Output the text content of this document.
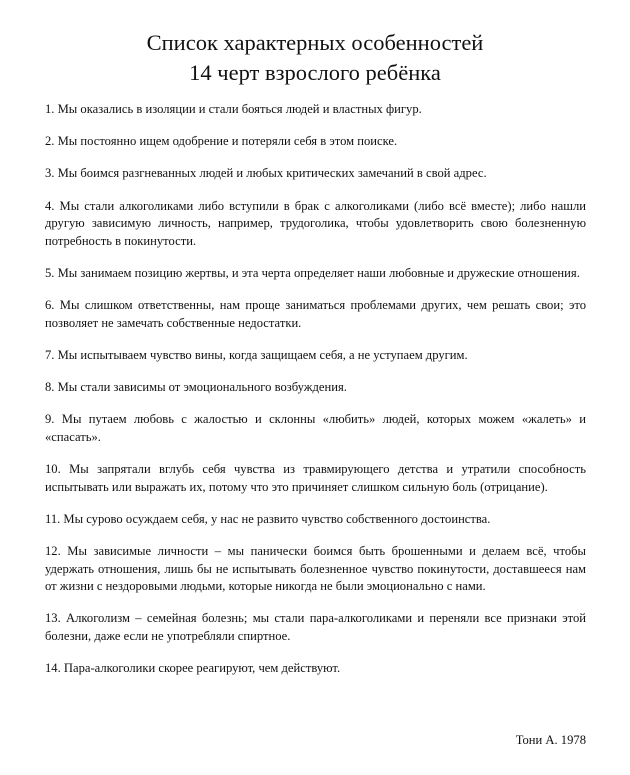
Список характерных особенностей
14 черт взрослого ребёнка
1. Мы оказались в изоляции и стали бояться людей и властных фигур.
2. Мы постоянно ищем одобрение и потеряли себя в этом поиске.
3. Мы боимся разгневанных людей и любых критических замечаний в свой адрес.
4. Мы стали алкоголиками либо вступили в брак с алкоголиками (либо всё вместе); либо нашли другую зависимую личность, например, трудоголика, чтобы удовлетворить свою болезненную потребность в покинутости.
5. Мы занимаем позицию жертвы, и эта черта определяет наши любовные и дружеские отношения.
6. Мы слишком ответственны, нам проще заниматься проблемами других, чем решать свои; это позволяет не замечать собственные недостатки.
7. Мы испытываем чувство вины, когда защищаем себя, а не уступаем другим.
8. Мы стали зависимы от эмоционального возбуждения.
9. Мы путаем любовь с жалостью и склонны «любить» людей, которых можем «жалеть» и «спасать».
10. Мы запрятали вглубь себя чувства из травмирующего детства и утратили способность испытывать или выражать их, потому что это причиняет слишком сильную боль (отрицание).
11. Мы сурово осуждаем себя, у нас не развито чувство собственного достоинства.
12. Мы зависимые личности – мы панически боимся быть брошенными и делаем всё, чтобы удержать отношения, лишь бы не испытывать болезненное чувство покинутости, доставшееся нам от жизни с нездоровыми людьми, которые никогда не были эмоционально с нами.
13. Алкоголизм – семейная болезнь; мы стали пара-алкоголиками и переняли все признаки этой болезни, даже если не употребляли спиртное.
14. Пара-алкоголики скорее реагируют, чем действуют.
Тони А. 1978
